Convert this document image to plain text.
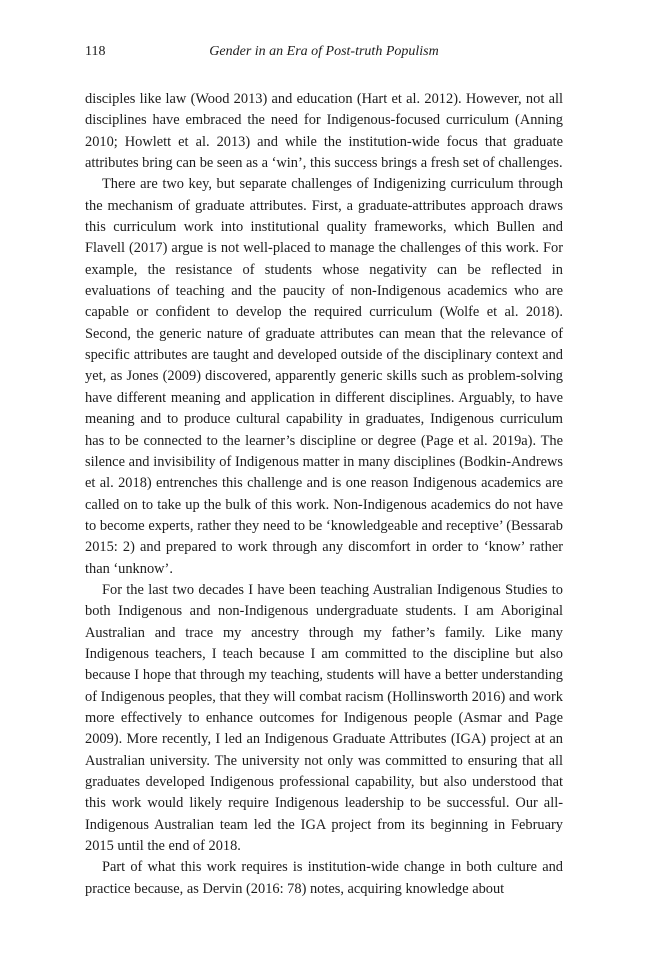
118	Gender in an Era of Post-truth Populism

disciples like law (Wood 2013) and education (Hart et al. 2012). However, not all disciplines have embraced the need for Indigenous-focused curriculum (Anning 2010; Howlett et al. 2013) and while the institution-wide focus that graduate attributes bring can be seen as a ‘win’, this success brings a fresh set of challenges.

There are two key, but separate challenges of Indigenizing curriculum through the mechanism of graduate attributes. First, a graduate-attributes approach draws this curriculum work into institutional quality frameworks, which Bullen and Flavell (2017) argue is not well-placed to manage the challenges of this work. For example, the resistance of students whose negativity can be reflected in evaluations of teaching and the paucity of non-Indigenous academics who are capable or confident to develop the required curriculum (Wolfe et al. 2018). Second, the generic nature of graduate attributes can mean that the relevance of specific attributes are taught and developed outside of the disciplinary context and yet, as Jones (2009) discovered, apparently generic skills such as problem-solving have different meaning and application in different disciplines. Arguably, to have meaning and to produce cultural capability in graduates, Indigenous curriculum has to be connected to the learner’s discipline or degree (Page et al. 2019a). The silence and invisibility of Indigenous matter in many disciplines (Bodkin-Andrews et al. 2018) entrenches this challenge and is one reason Indigenous academics are called on to take up the bulk of this work. Non-Indigenous academics do not have to become experts, rather they need to be ‘knowledgeable and receptive’ (Bessarab 2015: 2) and prepared to work through any discomfort in order to ‘know’ rather than ‘unknow’.

For the last two decades I have been teaching Australian Indigenous Studies to both Indigenous and non-Indigenous undergraduate students. I am Aboriginal Australian and trace my ancestry through my father’s family. Like many Indigenous teachers, I teach because I am committed to the discipline but also because I hope that through my teaching, students will have a better understanding of Indigenous peoples, that they will combat racism (Hollinsworth 2016) and work more effectively to enhance outcomes for Indigenous people (Asmar and Page 2009). More recently, I led an Indigenous Graduate Attributes (IGA) project at an Australian university. The university not only was committed to ensuring that all graduates developed Indigenous professional capability, but also understood that this work would likely require Indigenous leadership to be successful. Our all-Indigenous Australian team led the IGA project from its beginning in February 2015 until the end of 2018.

Part of what this work requires is institution-wide change in both culture and practice because, as Dervin (2016: 78) notes, acquiring knowledge about
